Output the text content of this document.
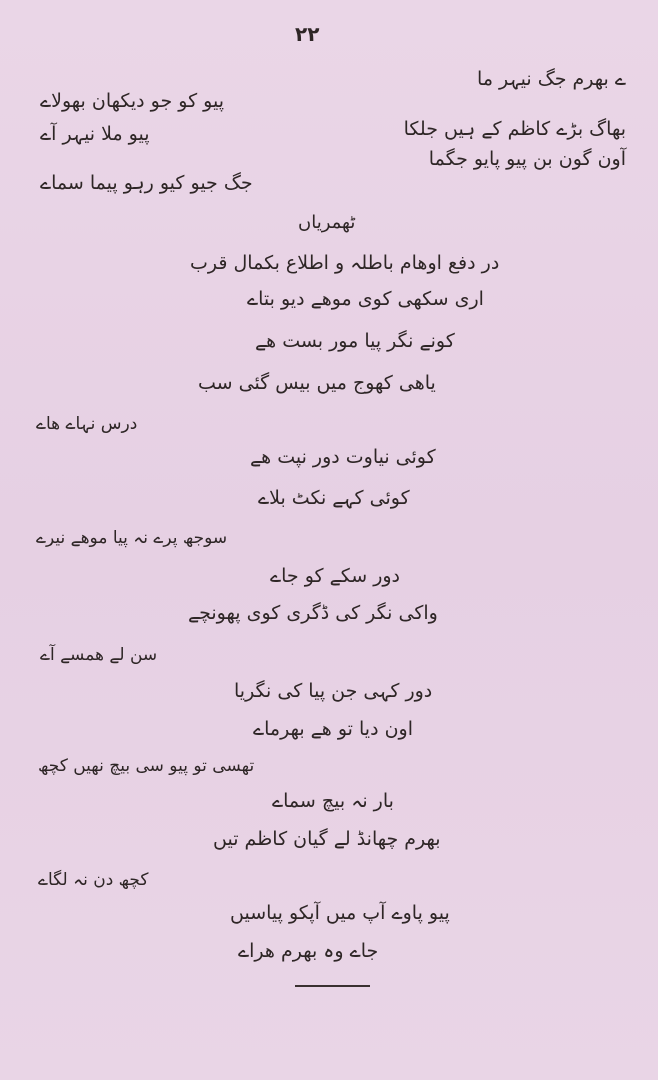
٢٢
ے بھرم جگ نیہر ما
پیو کو جو دیکھان بھولاے
بھاگ بڑے کاظم کے ہیں جلکا
پیو ملا نیہر آے
آون گون بن پیو پایو جگما
جگ جیو کیو رہو پیما سماے
ٹھمریاں
در دفع اوھام باطلہ و اطلاع بکمال قرب
اری سکھی کوی موھے دیو بتاے
کونے نگر پیا مور بست ھے
یاھی کھوج میں بیس گئی سب
درس نہاے ھاے
کوئی نیاوت دور نپت ھے
کوئی کہے نکٹ بلاے
سوجھ پرے نہ پیا موھے نیرے
دور سکے کو جاے
واکی نگر کی ڈگری کوی پھونچے
سن لے ھمسے آے
دور کہی جن پیا کی نگریا
اون دیا تو ھے بھرماے
تھسی تو پیو سی بیچ نھیں کچھ
بار نہ بیچ سماے
بھرم چھانڈ لے گیان کاظم تیں
کچھ دن نہ لگاے
پیو پاوے آپ میں آپکو پیاسیں
جاے وہ بھرم ھراے
